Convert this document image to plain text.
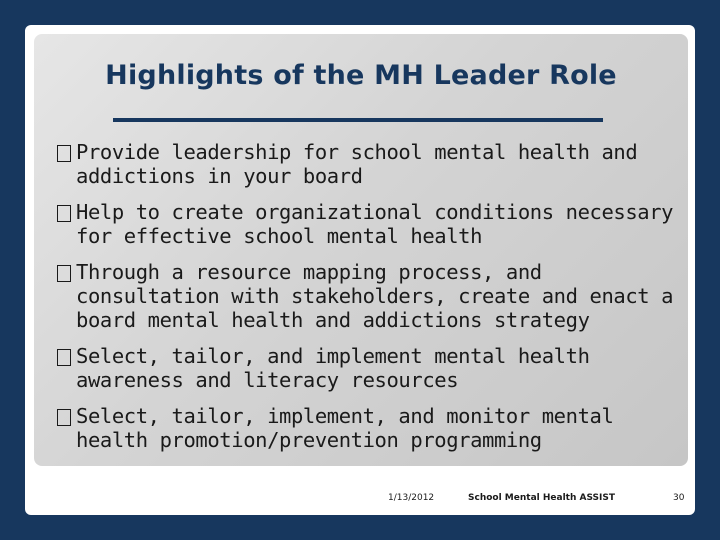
Highlights of the MH Leader Role
Provide leadership for school mental health and addictions in your board
Help to create organizational conditions necessary for effective school mental health
Through a resource mapping process, and consultation with stakeholders, create and enact a board mental health and addictions strategy
Select, tailor, and implement mental health awareness and literacy resources
Select, tailor, implement, and monitor mental health promotion/prevention programming
1/13/2012	School Mental Health ASSIST	30
